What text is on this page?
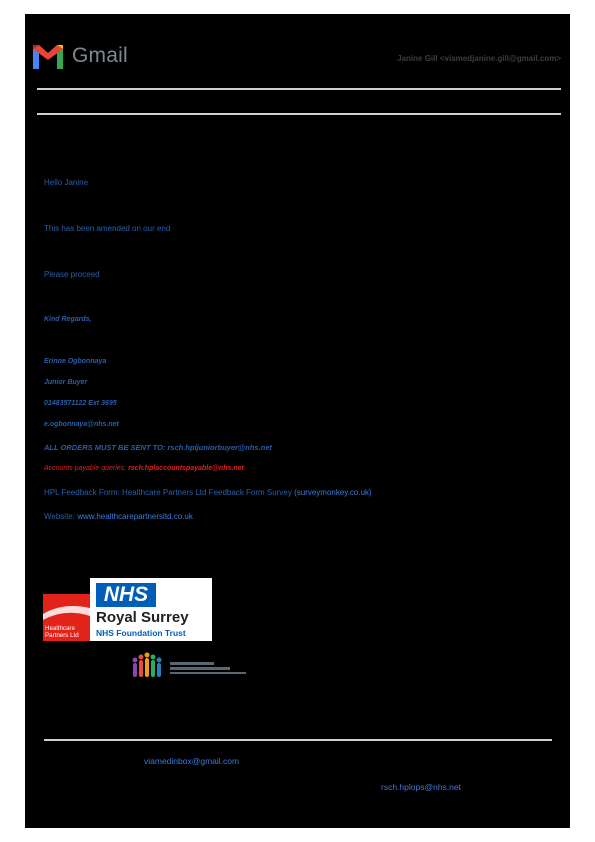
Gmail	Janine Gill <viamedjanine.gill@gmail.com>
Hello Janine
This has been amended on our end
Please proceed
Kind Regards,
Erinne Ogbonnaya
Junior Buyer
01483571122 Ext 3695
e.ogbonnaya@nhs.net
ALL ORDERS MUST BE SENT TO: rsch.hpljuniorbuyer@nhs.net
Accounts payable queries: rsch.hplaccountspayable@nhs.net
HPL Feedback Form: Healthcare Partners Ltd Feedback Form Survey (surveymonkey.co.uk)
Website: www.healthcarepartnersltd.co.uk
Healthcare
Partners Ltd
NHS
Royal Surrey
NHS Foundation Trust
viamedinbox@gmail.com
rsch.hplops@nhs.net
